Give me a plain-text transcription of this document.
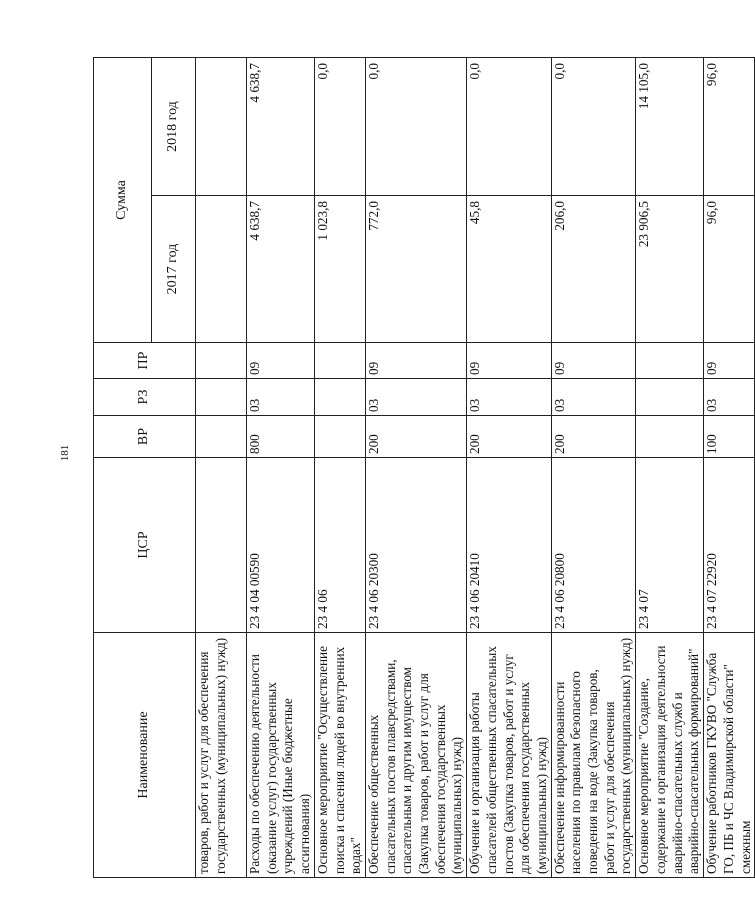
181
Наименование	ЦСР	ВР	РЗ	ПР	Сумма	
					2017 год	2018 год
товаров, работ и услуг для обеспечения государственных (муниципальных) нужд)						
Расходы по обеспечению деятельности (оказание услуг) государственных учреждений (Иные бюджетные ассигнования)	23 4 04 00590	800	03	09	4 638,7	4 638,7
Основное мероприятие "Осуществление поиска и спасения людей во внутренних водах"	23 4 06				1 023,8	0,0
Обеспечение общественных спасательных постов плавсредствами, спасательным и другим имуществом (Закупка товаров, работ и услуг для обеспечения государственных (муниципальных) нужд)	23 4 06 20300	200	03	09	772,0	0,0
Обучение и организация работы спасателей общественных спасательных постов (Закупка товаров, работ и услуг для обеспечения государственных (муниципальных) нужд)	23 4 06 20410	200	03	09	45,8	0,0
Обеспечение информированности населения по правилам безопасного поведения на воде (Закупка товаров, работ и услуг для обеспечения государственных (муниципальных) нужд)	23 4 06 20800	200	03	09	206,0	0,0
Основное мероприятие "Создание, содержание и организация деятельности аварийно-спасательных служб и аварийно-спасательных формирований"	23 4 07				23 906,5	14 105,0
Обучение работников ГКУВО "Служба ГО, ПБ и ЧС Владимирской области" смежным	23 4 07 22920	100	03	09	96,0	96,0
